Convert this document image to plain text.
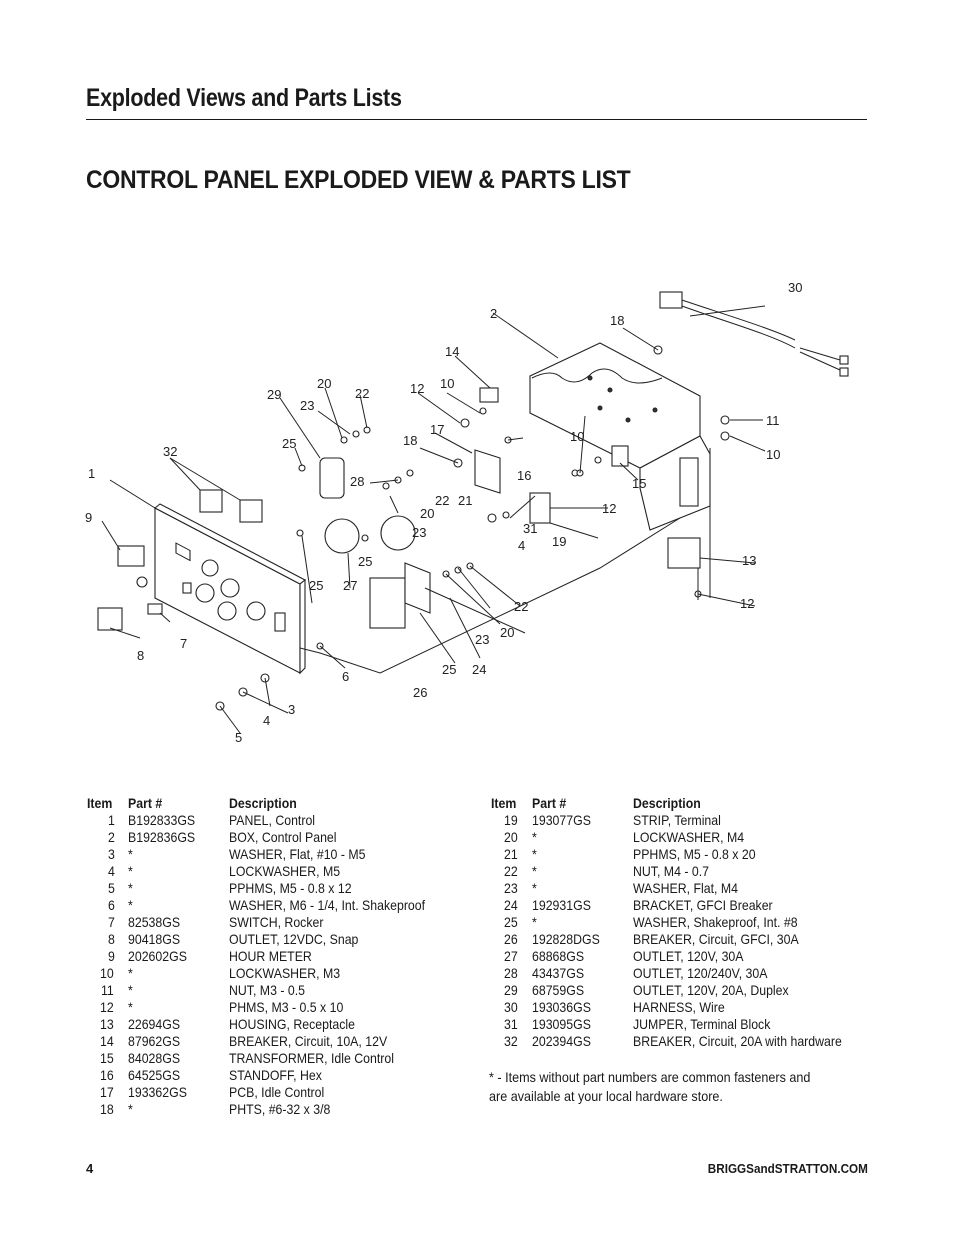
Exploded Views and Parts Lists
CONTROL PANEL EXPLODED VIEW & PARTS LIST
30
2	18
14
12 10
20
29
23
22
11
10
17
18	10
16
15
25
32
1
28
22
20
21
12
9
31
4 19
23
25
25 27
13
22
23 20
12
7
8
6	25 24
26
3
4
5
Item	Part #	Description
1	B192833GS	PANEL, Control
2	B192836GS	BOX, Control Panel
3	*	WASHER, Flat, #10 - M5
4	*	LOCKWASHER, M5
5	*	PPHMS, M5 - 0.8 x 12
6	*	WASHER, M6 - 1/4, Int. Shakeproof
7	82538GS	SWITCH, Rocker
8	90418GS	OUTLET, 12VDC, Snap
9	202602GS	HOUR METER
10	*	LOCKWASHER, M3
11	*	NUT, M3 - 0.5
12	*	PHMS, M3 - 0.5 x 10
13	22694GS	HOUSING, Receptacle
14	87962GS	BREAKER, Circuit, 10A, 12V
15	84028GS	TRANSFORMER, Idle Control
16	64525GS	STANDOFF, Hex
17	193362GS	PCB, Idle Control
18	*	PHTS, #6-32 x 3/8
Item	Part #	Description
19	193077GS	STRIP, Terminal
20	*	LOCKWASHER, M4
21	*	PPHMS, M5 - 0.8 x 20
22	*	NUT, M4 - 0.7
23	*	WASHER, Flat, M4
24	192931GS	BRACKET, GFCI Breaker
25	*	WASHER, Shakeproof, Int. #8
26	192828DGS	BREAKER, Circuit, GFCI, 30A
27	68868GS	OUTLET, 120V, 30A
28	43437GS	OUTLET, 120/240V, 30A
29	68759GS	OUTLET, 120V, 20A, Duplex
30	193036GS	HARNESS, Wire
31	193095GS	JUMPER, Terminal Block
32	202394GS	BREAKER, Circuit, 20A with hardware

* - Items without part numbers are common fasteners and

are available at your local hardware store.

4	BRIGGSandSTRATTON.COM
